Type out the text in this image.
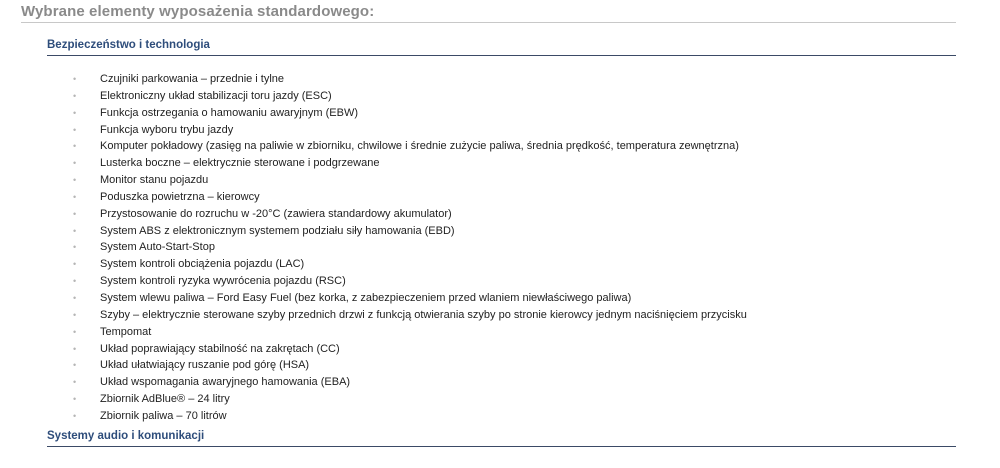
Wybrane elementy wyposażenia standardowego:
Bezpieczeństwo i technologia
• Czujniki parkowania – przednie i tylne
• Elektroniczny układ stabilizacji toru jazdy (ESC)
• Funkcja ostrzegania o hamowaniu awaryjnym (EBW)
• Funkcja wyboru trybu jazdy
• Komputer pokładowy (zasięg na paliwie w zbiorniku, chwilowe i średnie zużycie paliwa, średnia prędkość, temperatura zewnętrzna)
• Lusterka boczne – elektrycznie sterowane i podgrzewane
• Monitor stanu pojazdu
• Poduszka powietrzna – kierowcy
• Przystosowanie do rozruchu w -20°C (zawiera standardowy akumulator)
• System ABS z elektronicznym systemem podziału siły hamowania (EBD)
• System Auto-Start-Stop
• System kontroli obciążenia pojazdu (LAC)
• System kontroli ryzyka wywrócenia pojazdu (RSC)
• System wlewu paliwa – Ford Easy Fuel (bez korka, z zabezpieczeniem przed wlaniem niewłaściwego paliwa)
• Szyby – elektrycznie sterowane szyby przednich drzwi z funkcją otwierania szyby po stronie kierowcy jednym naciśnięciem przycisku
• Tempomat
• Układ poprawiający stabilność na zakrętach (CC)
• Układ ułatwiający ruszanie pod górę (HSA)
• Układ wspomagania awaryjnego hamowania (EBA)
• Zbiornik AdBlue® – 24 litry
• Zbiornik paliwa – 70 litrów
Systemy audio i komunikacji
